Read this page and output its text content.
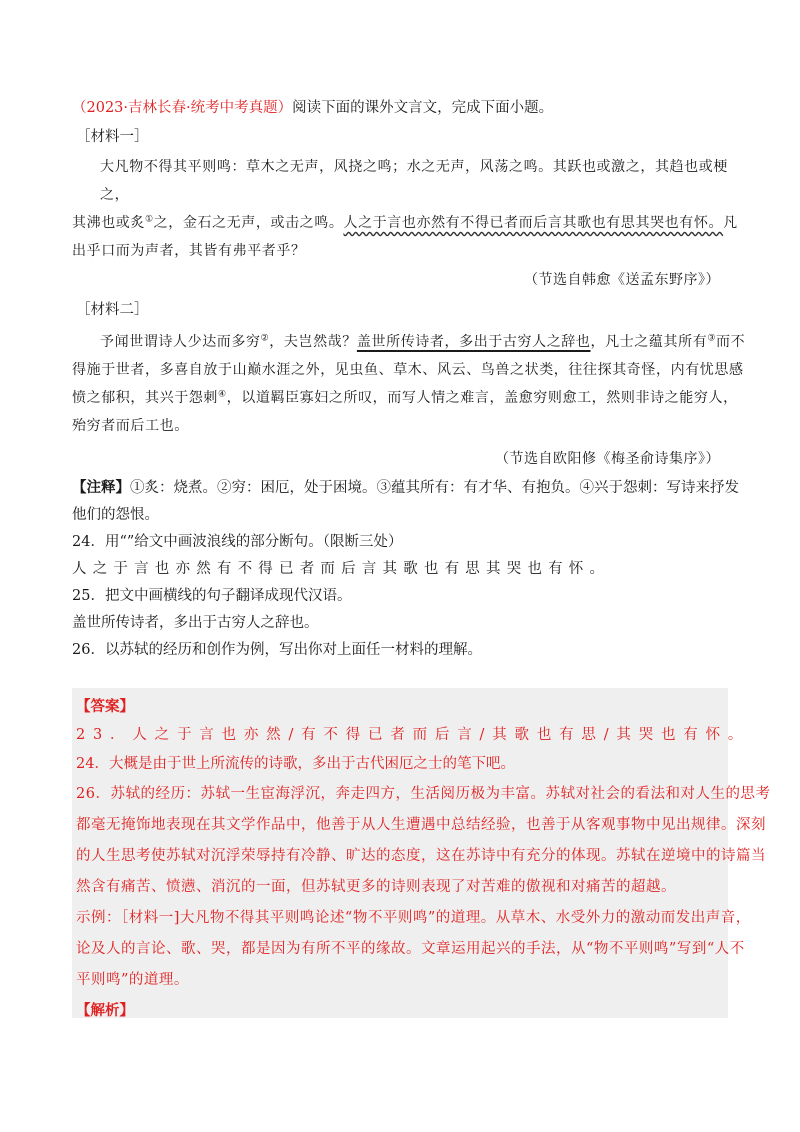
（2023·吉林长春·统考中考真题）阅读下面的课外文言文，完成下面小题。

［材料一］

大凡物不得其平则鸣：草木之无声，风挠之鸣；水之无声，风荡之鸣。其跃也或激之，其趋也或梗之，

其沸也或炙①之，金石之无声，或击之鸣。人之于言也亦然有不得已者而后言其歌也有思其哭也有怀。凡

出乎口而为声者，其皆有弗平者乎？

（节选自韩愈《送孟东野序》）

［材料二］

予闻世谓诗人少达而多穷②，夫岂然哉？盖世所传诗者，多出于古穷人之辞也，凡士之蕴其所有③而不

得施于世者，多喜自放于山巅水涯之外，见虫鱼、草木、风云、鸟兽之状类，往往探其奇怪，内有忧思感

愤之郁积，其兴于怨刺④，以道羁臣寡妇之所叹，而写人情之难言，盖愈穷则愈工，然则非诗之能穷人，

殆穷者而后工也。

（节选自欧阳修《梅圣俞诗集序》）

【注释】①炙：烧煮。②穷：困厄，处于困境。③蕴其所有：有才华、有抱负。④兴于怨刺：写诗来抒发

他们的怨恨。

24．用“”给文中画波浪线的部分断句。（限断三处）

人之于言也亦然有不得已者而后言其歌也有思其哭也有怀。

25．把文中画横线的句子翻译成现代汉语。

盖世所传诗者，多出于古穷人之辞也。

26．以苏轼的经历和创作为例，写出你对上面任一材料的理解。

【答案】

23．人之于言也亦然/有不得已者而后言/其歌也有思/其哭也有怀。

24．大概是由于世上所流传的诗歌，多出于古代困厄之士的笔下吧。

26．苏轼的经历：苏轼一生宦海浮沉，奔走四方，生活阅历极为丰富。苏轼对社会的看法和对人生的思考

都毫无掩饰地表现在其文学作品中，他善于从人生遭遇中总结经验，也善于从客观事物中见出规律。深刻

的人生思考使苏轼对沉浮荣辱持有冷静、旷达的态度，这在苏诗中有充分的体现。苏轼在逆境中的诗篇当

然含有痛苦、愤懑、消沉的一面，但苏轼更多的诗则表现了对苦难的傲视和对痛苦的超越。

示例：［材料一]大凡物不得其平则鸣论述“物不平则鸣”的道理。从草木、水受外力的激动而发出声音，

论及人的言论、歌、哭，都是因为有所不平的缘故。文章运用起兴的手法，从“物不平则鸣”写到“人不

平则鸣”的道理。

【解析】
